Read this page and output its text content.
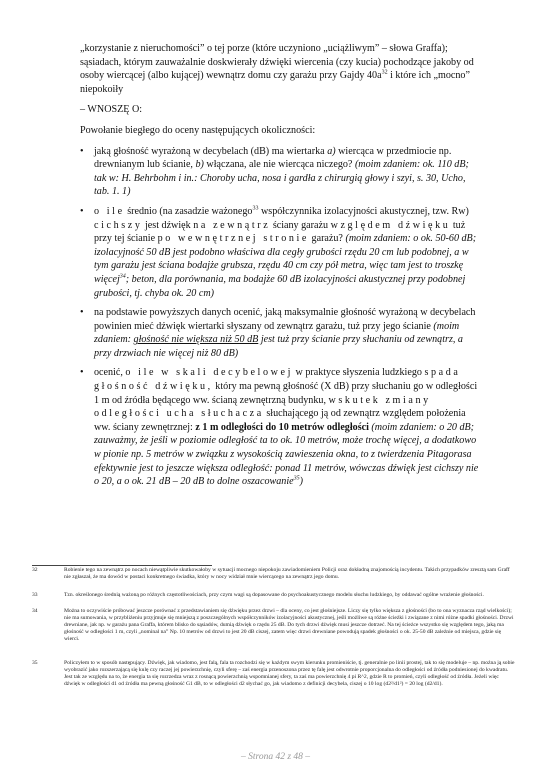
„korzystanie z nieruchomości” o tej porze (które uczyniono „uciążliwym” – słowa Graffa); sąsiadach, którym zauważalnie doskwierały dźwięki wiercenia (czy kucia) pochodzące jakoby od osoby wiercącej (albo kującej) wewnątrz domu czy garażu przy Gajdy $40a^{32}$ i które ich „mocno” niepokoiły

– WNOSZĘ O:

Powołanie biegłego do oceny następujących okoliczności:

• jaką głośność wyrażoną w decybelach (dB) ma wiertarka a) wiercąca w przedmiocie np. drewnianym lub ścianie, b) włączana, ale nie wiercąca niczego? (moim zdaniem: ok. 110 dB; tak w: H. Behrbohm i in.: Choroby ucha, nosa i gardła z chirurgią głowy i szyi, s. 30, Ucho, tab. 1. 1)
• o ile średnio (na zasadzie ważonego$^{33}$ współczynnika izolacyjności akustycznej, tzw. Rw) cichszy jest dźwięk na zewnątrz ściany garażu względem dźwięku tuż przy tej ścianie po wewnętrznej stronie garażu? (moim zdaniem: o ok. 50-60 dB; izolacyjność 50 dB jest podobno właściwa dla cegły grubości rzędu 20 cm lub podobnej, a w tym garażu jest ściana bodajże grubsza, rzędu 40 cm czy pół metra, więc tam jest to troszkę więcej$^{34}$; beton, dla porównania, ma bodajże 60 dB izolacyjności akustycznej przy podobnej grubości, tj. chyba ok. 20 cm)
• na podstawie powyższych danych ocenić, jaką maksymalnie głośność wyrażoną w decybelach powinien mieć dźwięk wiertarki słyszany od zewnątrz garażu, tuż przy jego ścianie (moim zdaniem: głośność nie większa niż 50 dB jest tuż przy ścianie przy słuchaniu od zewnątrz, a przy drzwiach nie więcej niż 80 dB)
• ocenić, o ile w skali decybelowej w praktyce słyszenia ludzkiego spada głośność dźwięku, który ma pewną głośność (X dB) przy słuchaniu go w odległości 1 m od źródła będącego ww. ścianą zewnętrzną budynku, wskutek zmiany odległości ucha słuchacza słuchającego ją od zewnątrz względem położenia ww. ściany zewnętrznej: z 1 m odległości do 10 metrów odległości (moim zdaniem: o 20 dB; zauważmy, że jeśli w poziomie odległość ta to ok. 10 metrów, może trochę więcej, a dodatkowo w pionie np. 5 metrów w związku z wysokością zawieszenia okna, to z twierdzenia Pitagorasa efektywnie jest to jeszcze większa odległość: ponad 11 metrów, wówczas dźwięk jest cichszy nie o 20, a o ok. 21 dB – 20 dB to dolne oszacowanie$^{35}$)
32	Robienie tego na zewnątrz po nocach niewątpliwie skutkowałoby w sytuacji mocnego niepokoju zawiadomieniem Policji oraz dokładną znajomością incydentu. Takich przypadków zresztą sam Graff nie zgłaszał, że ma dowód w postaci konkretnego świadka, który w nocy widział mnie wiercącego na zewnątrz jego domu.
33	Tzn. określonego średnią ważoną po różnych częstotliwościach, przy czym wagi są dopasowane do psychoakustycznego modelu słuchu ludzkiego, by oddawać ogólne wrażenie głośności.
34	Można to oczywiście próbować jeszcze porównać z przedstawianiem się dźwięku przez drzwi – dla oceny, co jest głośniejsze. Liczy się tylko większa z głośności (bo to ona wyznacza rząd wielkości); nie ma sumowania, w przybliżeniu przyjmuje się mniejszą z poszczególnych współczynników izolacyjności akustycznej, jeśli możliwe są różne ścieżki i związane z nimi różne spadki głośności. Drzwi drewniane, jak np. w garażu pana Graffa, którem blisko do sąsiadów, dumią dźwięk o rzędu 25 dB. Do tych drzwi dźwięk musi jeszcze dotrzeć. Na tej ścieżce wszystko się względem tego, jaką ma głośność w odległości 1 m, czyli „nominal na” Np. 10 metrów od drzwi to jest 20 dB ciszej, zatem więc drzwi drewniane powodują spadek głośności o ok. 25-50 dB zależnie od miejsca, gdzie się wierci.
35	Policzyłem to w sposób następujący. Dźwięk, jak wiadomo, jest falą, fala ta rozchodzi się w każdym swym kierunku promieniście, tj. generalnie po linii prostej, tak to się modeluje – np. można ją sobie wyobrazić jako rozszerzającą się kulę czy raczej jej powierzchnię, czyli sferę – zaś energia przenoszona przez tę falę jest odwrotnie proporcjonalna do odległości od źródła podniesionej do kwadratu. Jest tak ze względu na to, że energia ta się rozrzedza wraz z rosnącą powierzchnią wspomnianej sfery, ta zaś ma powierzchnię 4 pi R^2, gdzie R to promień, czyli odległość od źródła. Jeżeli więc dźwięk w odległości d1 od źródła ma pewną głośność G1 dB, to w odległości d2 słychać go, jak wiadomo z definicji decybela, ciszej o 10 log (d2²/d1²) = 20 log (d2/d1).
– Strona 42 z 48 –
